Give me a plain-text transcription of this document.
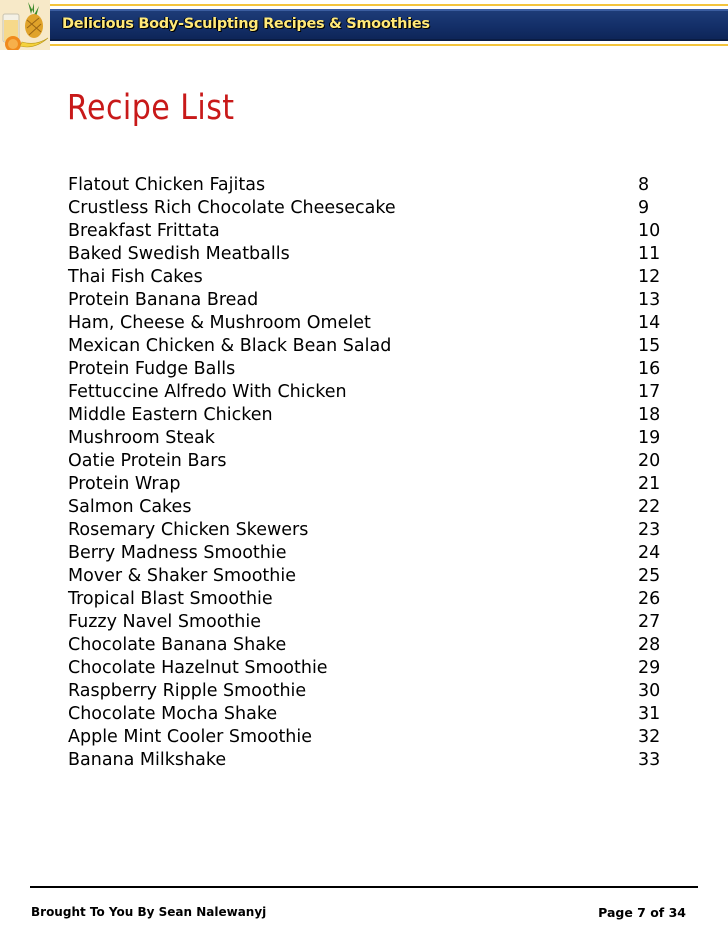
Delicious Body-Sculpting Recipes & Smoothies
Recipe List
Flatout Chicken Fajitas	8
Crustless Rich Chocolate Cheesecake	9
Breakfast Frittata	10
Baked Swedish Meatballs	11
Thai Fish Cakes	12
Protein Banana Bread	13
Ham, Cheese & Mushroom Omelet	14
Mexican Chicken & Black Bean Salad	15
Protein Fudge Balls	16
Fettuccine Alfredo With Chicken	17
Middle Eastern Chicken	18
Mushroom Steak	19
Oatie Protein Bars	20
Protein Wrap	21
Salmon Cakes	22
Rosemary Chicken Skewers	23
Berry Madness Smoothie	24
Mover & Shaker Smoothie	25
Tropical Blast Smoothie	26
Fuzzy Navel Smoothie	27
Chocolate Banana Shake	28
Chocolate Hazelnut Smoothie	29
Raspberry Ripple Smoothie	30
Chocolate Mocha Shake	31
Apple Mint Cooler Smoothie	32
Banana Milkshake	33
Brought To You By Sean Nalewanyj	Page 7 of 34
